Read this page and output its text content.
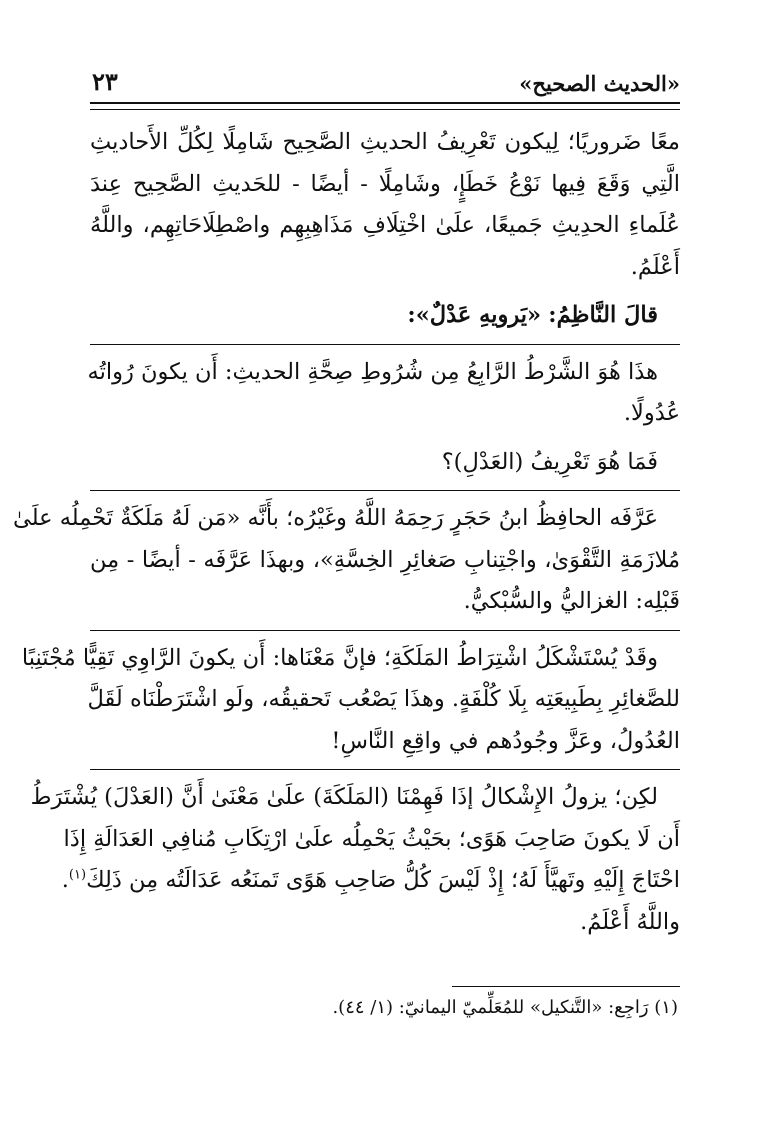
«الحديث الصحيح»
٢٣
معًا ضَروريًا؛ لِيكون تَعْرِيفُ الحديثِ الصَّحِيح شَامِلًا لِكُلِّ الأَحاديثِ
الَّتِي وَقَعَ فِيها نَوْعُ خَطَإٍ، وشَامِلًا - أيضًا - للحَديثِ الصَّحِيح عِندَ
عُلَماءِ الحدِيثِ جَميعًا، علَىٰ اخْتِلَافِ مَذَاهِبِهِم واصْطِلَاحَاتِهِم، واللَّهُ
أَعْلَمُ.
قالَ النَّاظِمُ: «يَرويهِ عَدْلٌ»:
هذَا هُوَ الشَّرْطُ الرَّابِعُ مِن شُرُوطِ صِحَّةِ الحديثِ: أَن يكونَ رُواتُه
عُدُولًا.
فَمَا هُوَ تَعْرِيفُ (العَدْلِ)؟
عَرَّفَه الحافِظُ ابنُ حَجَرٍ رَحِمَهُ اللَّهُ وغَيْرُه؛ بأَنَّه «مَن لَهُ مَلَكَةٌ تَحْمِلُه علَىٰ
مُلازَمَةِ التَّقْوَىٰ، واجْتِنابِ صَغائِرِ الخِسَّةِ»، وبهذَا عَرَّفَه - أيضًا - مِن
قَبْلِه: الغزاليُّ والسُّبْكيُّ.
وقَدْ يُسْتَشْكَلُ اشْتِرَاطُ المَلَكَةِ؛ فإنَّ مَعْنَاها: أَن يكونَ الرَّاوِي تَقِيًّا مُجْتَنِبًا
للصَّغائِرِ بِطَبِيعَتِه بِلَا كُلْفَةٍ. وهذَا يَصْعُب تَحقيقُه، ولَو اشْتَرَطْنَاه لَقَلَّ
العُدُولُ، وعَزَّ وجُودُهم في واقِعِ النَّاسِ!
لكِن؛ يزولُ الإِشْكالُ إذَا فَهِمْنَا (المَلَكَةَ) علَىٰ مَعْنَىٰ أَنَّ (العَدْلَ) يُشْتَرَطُ
أَن لَا يكونَ صَاحِبَ هَوًى؛ بحَيْثُ يَحْمِلُه علَىٰ ارْتِكَابِ مُنافِي العَدَالَةِ إِذَا
احْتَاجَ إِلَيْهِ وتَهيَّأَ لَهُ؛ إِذْ لَيْسَ كُلُّ صَاحِبِ هَوًى تَمنَعُه عَدَالَتُه مِن ذَلِكَ$^{(١)}$.
واللَّهُ أَعْلَمُ.
(١) رَاجِع: «التَّنكيل» للمُعَلِّميّ اليمانيّ: (١/ ٤٤).
